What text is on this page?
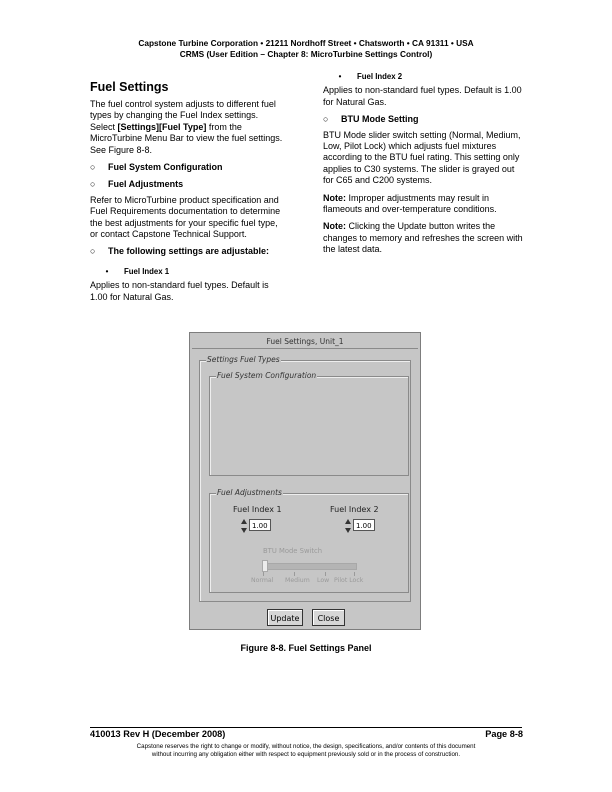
Capstone Turbine Corporation • 21211 Nordhoff Street • Chatsworth • CA 91311 • USA
CRMS (User Edition – Chapter 8: MicroTurbine Settings Control)
Fuel Settings

The fuel control system adjusts to different fuel types by changing the Fuel Index settings.

Select [Settings][Fuel Type] from the MicroTurbine Menu Bar to view the fuel settings. See Figure 8-8.

○	Fuel System Configuration
○	Fuel Adjustments

Refer to MicroTurbine product specification and Fuel Requirements documentation to determine the best adjustments for your specific fuel type, or contact Capstone Technical Support.

○	The following settings are adjustable:
•	Fuel Index 1

Applies to non-standard fuel types. Default is 1.00 for Natural Gas.

•	Fuel Index 2

Applies to non-standard fuel types. Default is 1.00 for Natural Gas.

○	BTU Mode Setting

BTU Mode slider switch setting (Normal, Medium, Low, Pilot Lock) which adjusts fuel mixtures according to the BTU fuel rating. This setting only applies to C30 systems. The slider is grayed out for C65 and C200 systems.

Note: Improper adjustments may result in flameouts and over-temperature conditions.

Note: Clicking the Update button writes the changes to memory and refreshes the screen with the latest data.

Fuel Settings, Unit_1
Settings Fuel Types
Fuel System Configuration
Fuel Adjustments
Fuel Index 1
1.00
Fuel Index 2
1.00
BTU Mode Switch
Normal Medium Low Pilot Lock
Update	Close
Figure 8-8. Fuel Settings Panel
410013 Rev H (December 2008)	Page 8-8
Capstone reserves the right to change or modify, without notice, the design, specifications, and/or contents of this document
without incurring any obligation either with respect to equipment previously sold or in the process of construction.
